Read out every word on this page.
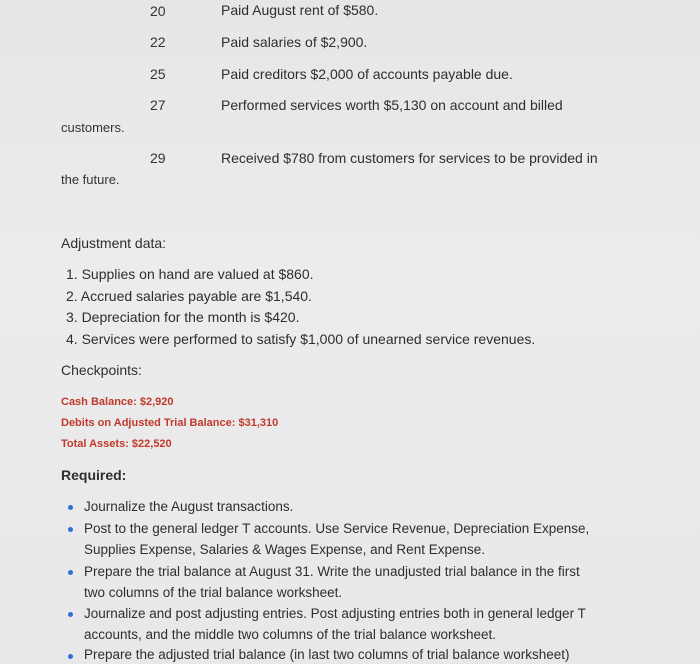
20	Paid August rent of $580.
22	Paid salaries of $2,900.
25	Paid creditors $2,000 of accounts payable due.
27	Performed services worth $5,130 on account and billed
customers.
29	Received $780 from customers for services to be provided in
the future.
Adjustment data:
1. Supplies on hand are valued at $860.
2. Accrued salaries payable are $1,540.
3. Depreciation for the month is $420.
4. Services were performed to satisfy $1,000 of unearned service revenues.
Checkpoints:
Cash Balance: $2,920
Debits on Adjusted Trial Balance: $31,310
Total Assets: $22,520
Required:
Journalize the August transactions.
Post to the general ledger T accounts. Use Service Revenue, Depreciation Expense,
Supplies Expense, Salaries & Wages Expense, and Rent Expense.
Prepare the trial balance at August 31. Write the unadjusted trial balance in the first
two columns of the trial balance worksheet.
Journalize and post adjusting entries. Post adjusting entries both in general ledger T
accounts, and the middle two columns of the trial balance worksheet.
Prepare the adjusted trial balance (in last two columns of trial balance worksheet)
